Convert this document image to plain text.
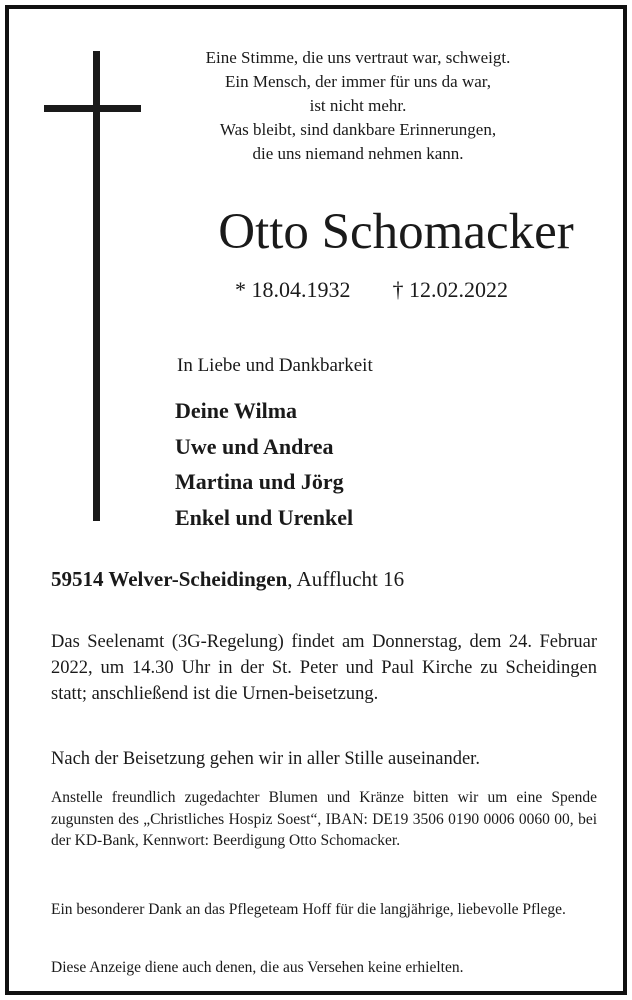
Eine Stimme, die uns vertraut war, schweigt.
Ein Mensch, der immer für uns da war,
ist nicht mehr.
Was bleibt, sind dankbare Erinnerungen,
die uns niemand nehmen kann.
Otto Schomacker
* 18.04.1932 † 12.02.2022
In Liebe und Dankbarkeit
Deine Wilma
Uwe und Andrea
Martina und Jörg
Enkel und Urenkel
59514 Welver-Scheidingen, Aufflucht 16
Das Seelenamt (3G-Regelung) findet am Donnerstag, dem 24. Februar 2022, um 14.30 Uhr in der St. Peter und Paul Kirche zu Scheidingen statt; anschließend ist die Urnen-beisetzung.
Nach der Beisetzung gehen wir in aller Stille auseinander.
Anstelle freundlich zugedachter Blumen und Kränze bitten wir um eine Spende zugunsten des „Christliches Hospiz Soest“, IBAN: DE19 3506 0190 0006 0060 00, bei der KD-Bank, Kennwort: Beerdigung Otto Schomacker.
Ein besonderer Dank an das Pflegeteam Hoff für die langjährige, liebevolle Pflege.
Diese Anzeige diene auch denen, die aus Versehen keine erhielten.
